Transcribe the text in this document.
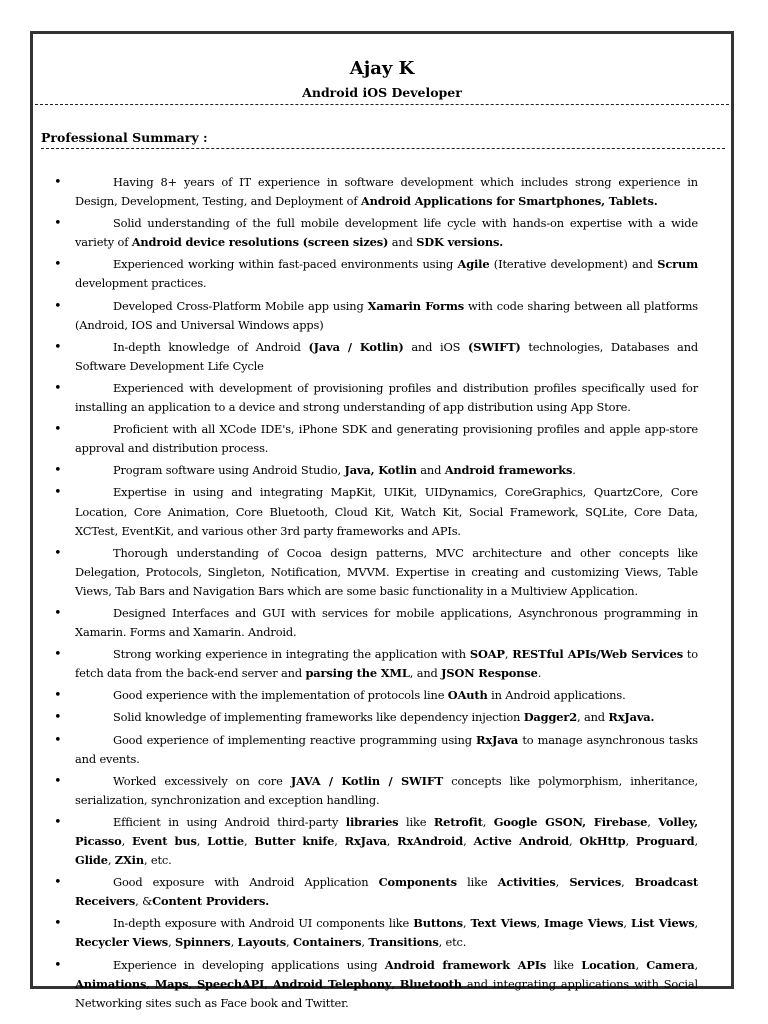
Ajay K
Android iOS Developer
Professional Summary :
•	Having 8+ years of IT experience in software development which includes strong experience in Design, Development, Testing, and Deployment of Android Applications for Smartphones, Tablets.
•	Solid understanding of the full mobile development life cycle with hands-on expertise with a wide variety of Android device resolutions (screen sizes) and SDK versions.
•	Experienced working within fast-paced environments using Agile (Iterative development) and Scrum development practices.
•	Developed Cross-Platform Mobile app using Xamarin Forms with code sharing between all platforms (Android, IOS and Universal Windows apps)
•	In-depth knowledge of Android (Java / Kotlin) and iOS (SWIFT) technologies, Databases and Software Development Life Cycle
•	Experienced with development of provisioning profiles and distribution profiles specifically used for installing an application to a device and strong understanding of app distribution using App Store.
•	Proficient with all XCode IDE's, iPhone SDK and generating provisioning profiles and apple app-store approval and distribution process.
•	Program software using Android Studio, Java, Kotlin and Android frameworks.
•	Expertise in using and integrating MapKit, UIKit, UIDynamics, CoreGraphics, QuartzCore, Core Location, Core Animation, Core Bluetooth, Cloud Kit, Watch Kit, Social Framework, SQLite, Core Data, XCTest, EventKit, and various other 3rd party frameworks and APIs.
•	Thorough understanding of Cocoa design patterns, MVC architecture and other concepts like Delegation, Protocols, Singleton, Notification, MVVM. Expertise in creating and customizing Views, Table Views, Tab Bars and Navigation Bars which are some basic functionality in a Multiview Application.
•	Designed Interfaces and GUI with services for mobile applications, Asynchronous programming in Xamarin. Forms and Xamarin. Android.
•	Strong working experience in integrating the application with SOAP, RESTful APIs/Web Services to fetch data from the back-end server and parsing the XML, and JSON Response.
•	Good experience with the implementation of protocols line OAuth in Android applications.
•	Solid knowledge of implementing frameworks like dependency injection Dagger2, and RxJava.
•	Good experience of implementing reactive programming using RxJava to manage asynchronous tasks and events.
•	Worked excessively on core JAVA / Kotlin / SWIFT concepts like polymorphism, inheritance, serialization, synchronization and exception handling.
•	Efficient in using Android third-party libraries like Retrofit, Google GSON, Firebase, Volley, Picasso, Event bus, Lottie, Butter knife, RxJava, RxAndroid, Active Android, OkHttp, Proguard, Glide, ZXin, etc.
•	Good exposure with Android Application Components like Activities, Services, Broadcast Receivers, &Content Providers.
•	In-depth exposure with Android UI components like Buttons, Text Views, Image Views, List Views, Recycler Views, Spinners, Layouts, Containers, Transitions, etc.
•	Experience in developing applications using Android framework APIs like Location, Camera, Animations, Maps, SpeechAPI, Android Telephony, Bluetooth and integrating applications with Social Networking sites such as Face book and Twitter.
